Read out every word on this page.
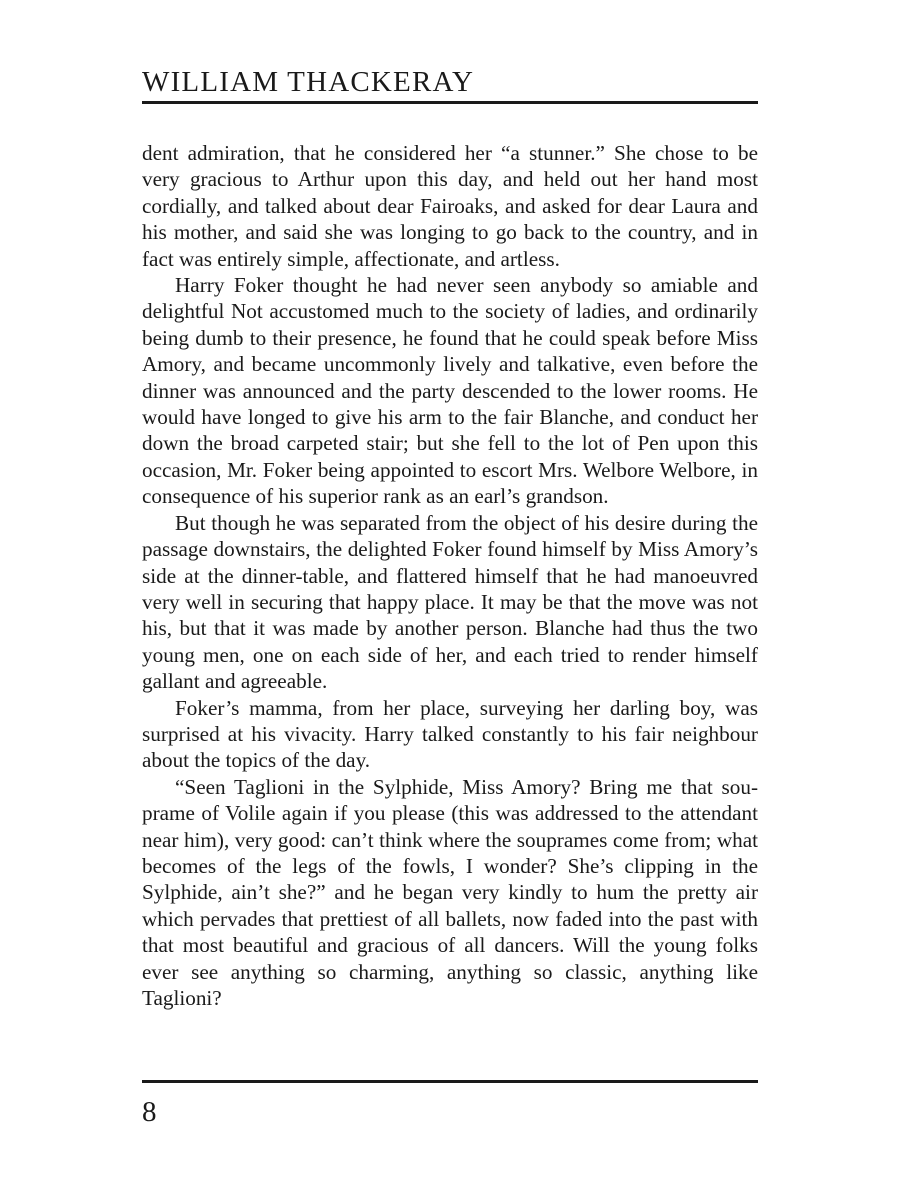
WILLIAM THACKERAY

dent admiration, that he considered her “a stunner.” She chose to be very gracious to Arthur upon this day, and held out her hand most cordially, and talked about dear Fairoaks, and asked for dear Laura and his mother, and said she was longing to go back to the country, and in fact was entirely simple, affectionate, and artless.

Harry Foker thought he had never seen anybody so amiable and delightful Not accustomed much to the society of ladies, and ordinarily being dumb to their presence, he found that he could speak before Miss Amory, and became uncommonly lively and talkative, even before the dinner was announced and the party descended to the lower rooms. He would have longed to give his arm to the fair Blanche, and conduct her down the broad carpeted stair; but she fell to the lot of Pen upon this occasion, Mr. Foker being appointed to escort Mrs. Welbore Welbore, in consequence of his superior rank as an earl’s grandson.

But though he was separated from the object of his desire during the passage downstairs, the delighted Foker found himself by Miss Amory’s side at the dinner-table, and flattered himself that he had manoeuvred very well in securing that happy place. It may be that the move was not his, but that it was made by another person. Blanche had thus the two young men, one on each side of her, and each tried to render himself gallant and agreeable.

Foker’s mamma, from her place, surveying her darling boy, was surprised at his vivacity. Harry talked constantly to his fair neighbour about the topics of the day.

“Seen Taglioni in the Sylphide, Miss Amory? Bring me that souprame of Volile again if you please (this was addressed to the attendant near him), very good: can’t think where the souprames come from; what becomes of the legs of the fowls, I wonder? She’s clipping in the Sylphide, ain’t she?” and he began very kindly to hum the pretty air which pervades that prettiest of all ballets, now faded into the past with that most beautiful and gracious of all dancers. Will the young folks ever see anything so charming, anything so classic, anything like Taglioni?

8
